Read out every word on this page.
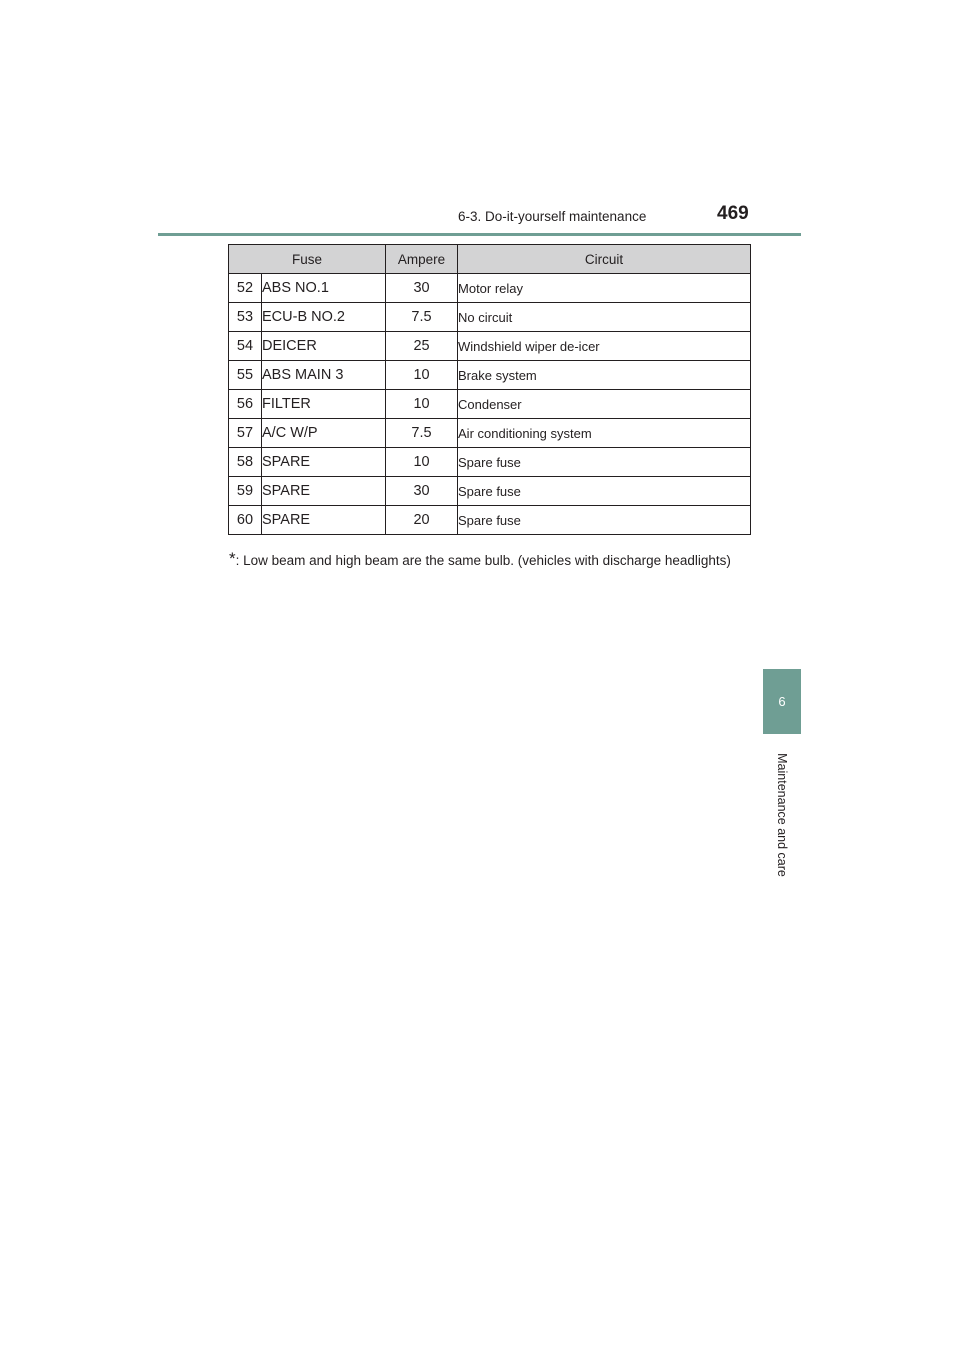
6-3. Do-it-yourself maintenance	469
6
Maintenance and care
Fuse		Ampere	Circuit
52	ABS NO.1	30	Motor relay
53	ECU-B NO.2	7.5	No circuit
54	DEICER	25	Windshield wiper de-icer
55	ABS MAIN 3	10	Brake system
56	FILTER	10	Condenser
57	A/C W/P	7.5	Air conditioning system
58	SPARE	10	Spare fuse
59	SPARE	30	Spare fuse
60	SPARE	20	Spare fuse
*: Low beam and high beam are the same bulb. (vehicles with discharge headlights)
